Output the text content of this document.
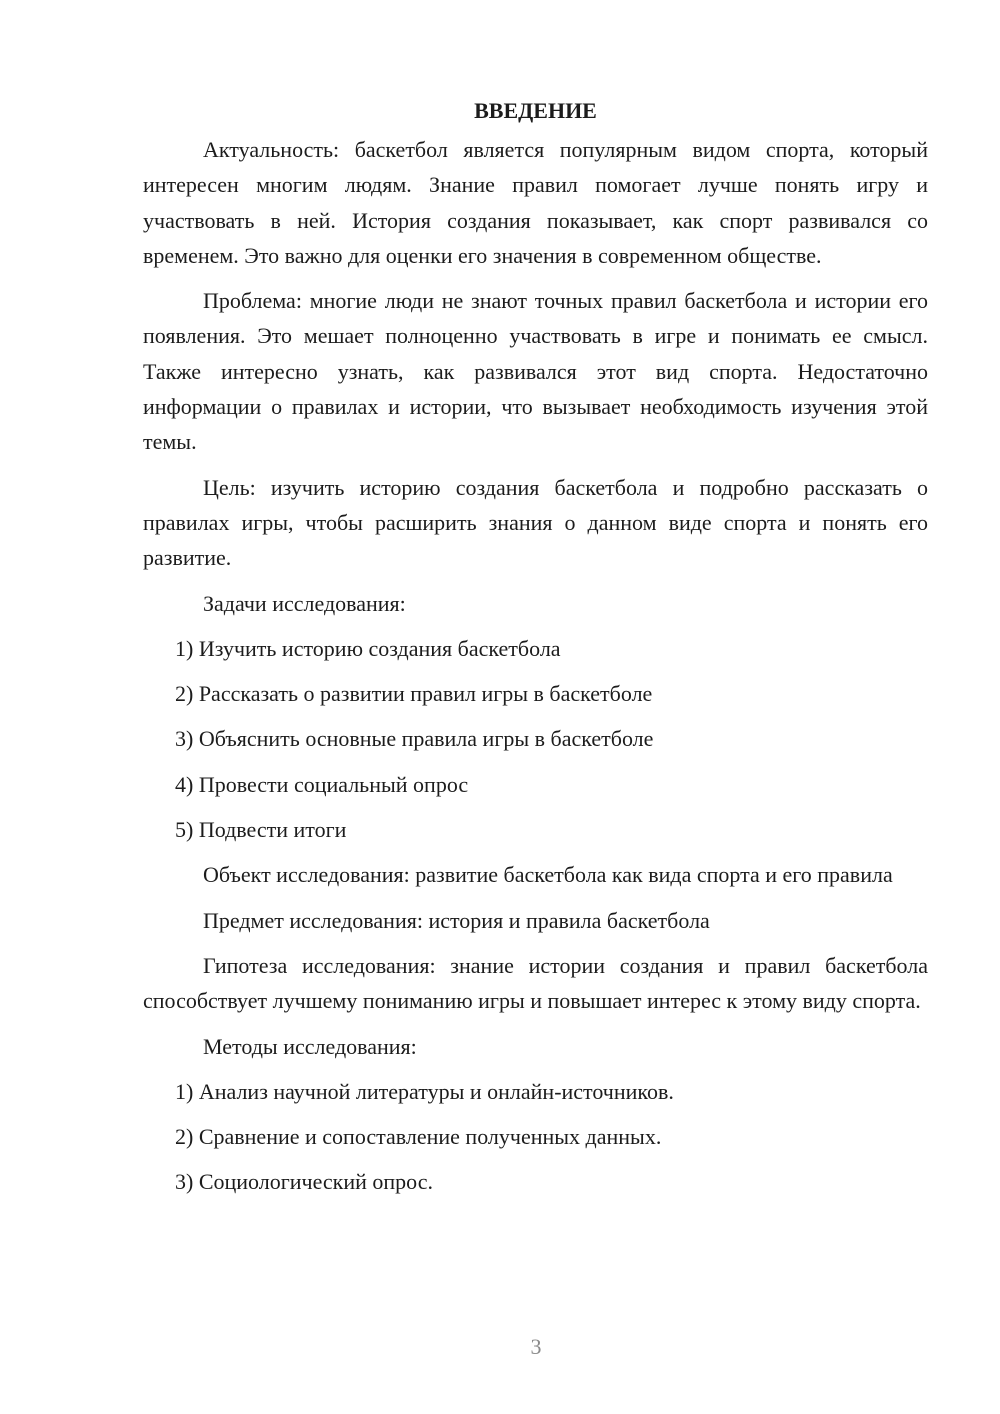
ВВЕДЕНИЕ

Актуальность: баскетбол является популярным видом спорта, который интересен многим людям. Знание правил помогает лучше понять игру и участвовать в ней. История создания показывает, как спорт развивался со временем. Это важно для оценки его значения в современном обществе.

Проблема: многие люди не знают точных правил баскетбола и истории его появления. Это мешает полноценно участвовать в игре и понимать ее смысл. Также интересно узнать, как развивался этот вид спорта. Недостаточно информации о правилах и истории, что вызывает необходимость изучения этой темы.

Цель: изучить историю создания баскетбола и подробно рассказать о правилах игры, чтобы расширить знания о данном виде спорта и понять его развитие.

Задачи исследования:

1) Изучить историю создания баскетбола

2) Рассказать о развитии правил игры в баскетболе

3) Объяснить основные правила игры в баскетболе

4) Провести социальный опрос

5) Подвести итоги

Объект исследования: развитие баскетбола как вида спорта и его правила

Предмет исследования: история и правила баскетбола

Гипотеза исследования: знание истории создания и правил баскетбола способствует лучшему пониманию игры и повышает интерес к этому виду спорта.

Методы исследования:

1) Анализ научной литературы и онлайн-источников.

2) Сравнение и сопоставление полученных данных.

3) Социологический опрос.

3
